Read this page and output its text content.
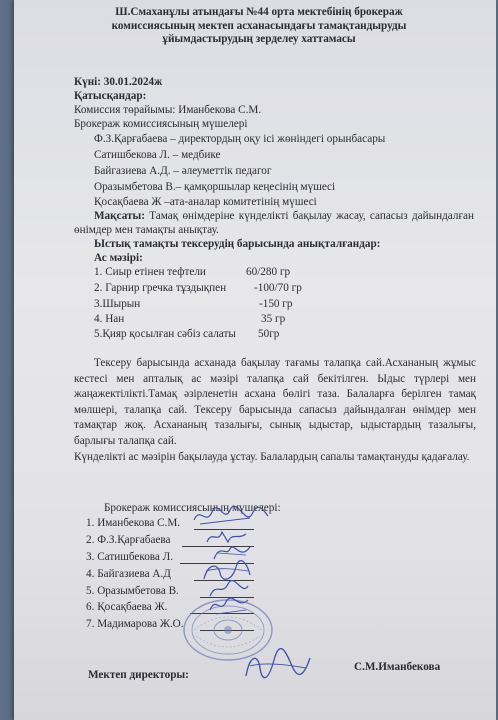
Ш.Смаханұлы атындағы №44 орта мектебінің брокераж комиссиясының мектеп асханасындағы тамақтандыруды ұйымдастырудың зерделеу хаттамасы
Күні: 30.01.2024ж
Қатысқандар:
Комиссия төрайымы: Иманбекова С.М.
Брокераж комиссиясының мүшелері
Ф.З.Қарғабаева – директордың оқу ісі жөніндегі орынбасары
Сатишбекова Л. – медбике
Байгазиева А.Д. – әлеуметтік педагог
Оразымбетова В.– қамқоршылар кеңесінің мүшесі
Қосақбаева Ж –ата-аналар комитетінің мүшесі
Мақсаты: Тамақ өнімдеріне күнделікті бақылау жасау, сапасыз дайындалған өнімдер мен тамақты анықтау.
Ыстық тамақты тексерудің барысында анықталғандар:
Ас мәзірі:
1. Сиыр етінен тефтели	60/280 гр
2. Гарнир гречка тұздықпен -100/70 гр
3.Шырын	-150 гр
4. Нан	35 гр
5.Қияр қосылған сәбіз салаты 50гр
Тексеру барысында асханада бақылау тағамы талапқа сай.Асхананың жұмыс кестесі мен апталық ас мәзірі талапқа сай бекітілген. Ыдыс түрлері мен жаңажектілікті.Тамақ әзірленетін асхана бөлігі таза. Балаларға берілген тамақ мөлшері, талапқа сай. Тексеру барысында сапасыз дайындалған өнімдер мен тамақтар жоқ. Асхананың тазалығы, сынық ыдыстар, ыдыстардың тазалығы, барлығы талапқа сай.
Күнделікті ас мәзірін бақылауда ұстау. Балалардың сапалы тамақтануды қадағалау.
Брокераж комиссиясының мүшелері:
1. Иманбекова С.М.
2. Ф.З.Қарғабаева
3. Сатишбекова Л.
4. Байгазиева А.Д
5. Оразымбетова В.
6. Қосақбаева Ж.
7. Мадимарова Ж.О.
Мектеп директоры:
С.М.Иманбекова
